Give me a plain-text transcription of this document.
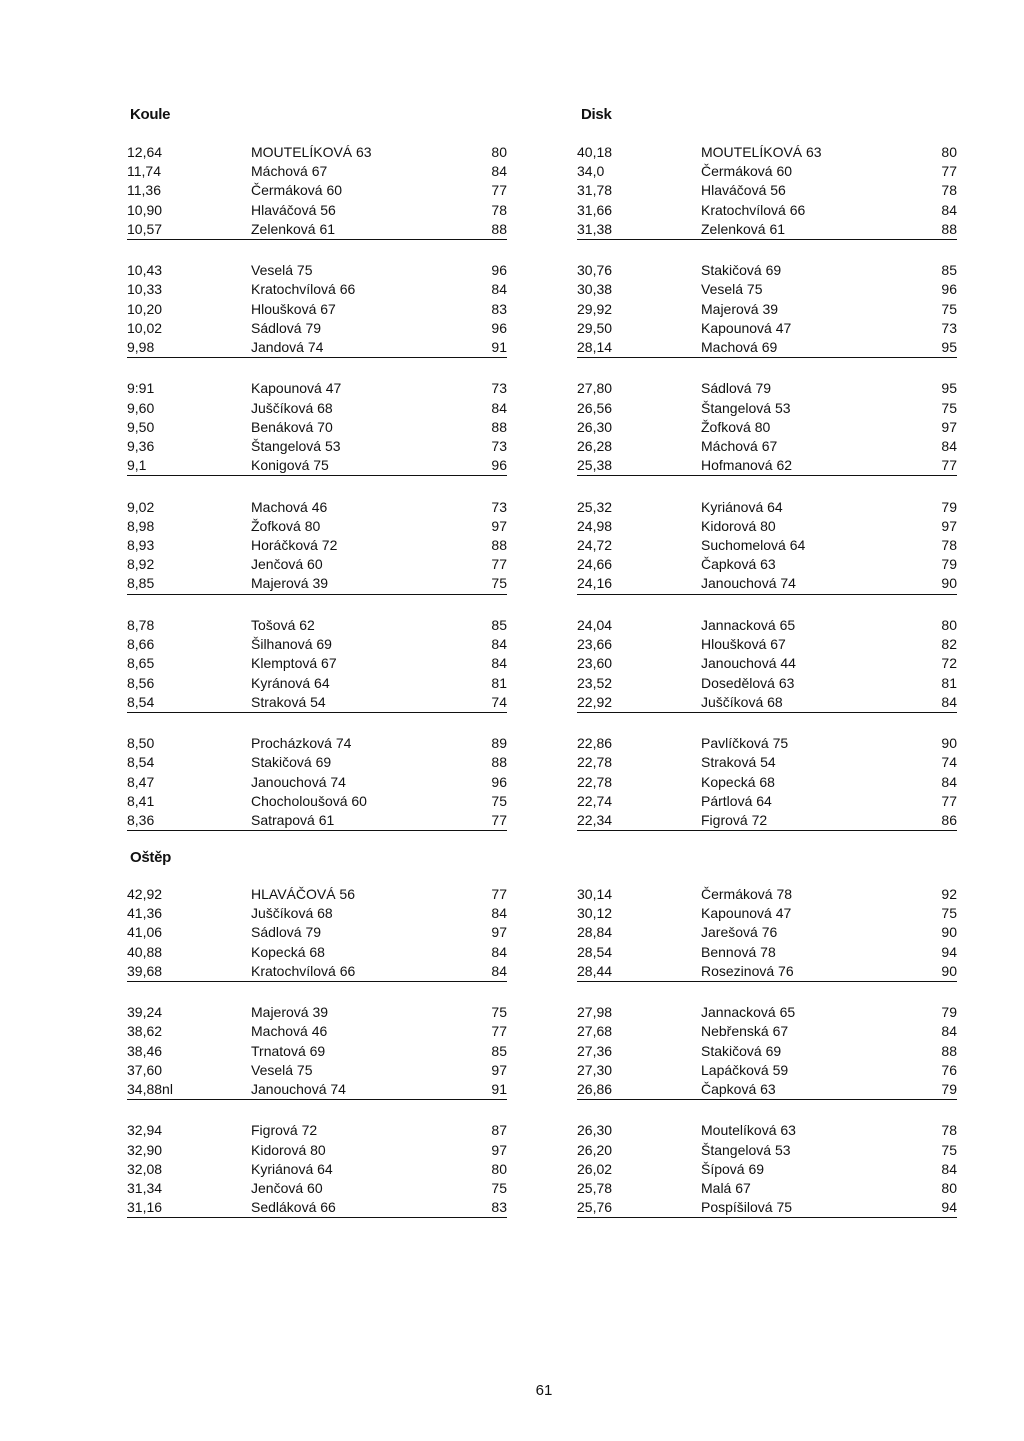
Koule	Disk
Oštěp
12,64	MOUTELÍKOVÁ 63	80
11,74	Máchová 67	84
11,36	Čermáková 60	77
10,90	Hlaváčová 56	78
10,57	Zelenková 61	88
10,43	Veselá 75	96
10,33	Kratochvílová 66	84
10,20	Hloušková 67	83
10,02	Sádlová 79	96
9,98	Jandová 74	91
9:91	Kapounová 47	73
9,60	Juščíková 68	84
9,50	Benáková 70	88
9,36	Štangelová 53	73
9,1	Konigová 75	96
9,02	Machová 46	73
8,98	Žofková 80	97
8,93	Horáčková 72	88
8,92	Jenčová 60	77
8,85	Majerová 39	75
8,78	Tošová 62	85
8,66	Šilhanová 69	84
8,65	Klemptová 67	84
8,56	Kyránová 64	81
8,54	Straková 54	74
8,50	Procházková 74	89
8,54	Stakičová 69	88
8,47	Janouchová 74	96
8,41	Chocholoušová 60	75
8,36	Satrapová 61	77
40,18	MOUTELÍKOVÁ 63	80
34,0	Čermáková 60	77
31,78	Hlaváčová 56	78
31,66	Kratochvílová 66	84
31,38	Zelenková 61	88
30,76	Stakičová 69	85
30,38	Veselá 75	96
29,92	Majerová 39	75
29,50	Kapounová 47	73
28,14	Machová 69	95
27,80	Sádlová 79	95
26,56	Štangelová 53	75
26,30	Žofková 80	97
26,28	Máchová 67	84
25,38	Hofmanová 62	77
25,32	Kyriánová 64	79
24,98	Kidorová 80	97
24,72	Suchomelová 64	78
24,66	Čapková 63	79
24,16	Janouchová 74	90
24,04	Jannacková 65	80
23,66	Hloušková 67	82
23,60	Janouchová 44	72
23,52	Dosedělová 63	81
22,92	Juščíková 68	84
22,86	Pavlíčková 75	90
22,78	Straková 54	74
22,78	Kopecká 68	84
22,74	Pártlová 64	77
22,34	Figrová 72	86
42,92	HLAVÁČOVÁ 56	77
41,36	Juščíková 68	84
41,06	Sádlová 79	97
40,88	Kopecká 68	84
39,68	Kratochvílová 66	84
39,24	Majerová 39	75
38,62	Machová 46	77
38,46	Trnatová 69	85
37,60	Veselá 75	97
34,88nl	Janouchová 74	91
32,94	Figrová 72	87
32,90	Kidorová 80	97
32,08	Kyriánová 64	80
31,34	Jenčová 60	75
31,16	Sedláková 66	83
30,14	Čermáková 78	92
30,12	Kapounová 47	75
28,84	Jarešová 76	90
28,54	Bennová 78	94
28,44	Rosezinová 76	90
27,98	Jannacková 65	79
27,68	Nebřenská 67	84
27,36	Stakičová 69	88
27,30	Lapáčková 59	76
26,86	Čapková 63	79
26,30	Moutelíková 63	78
26,20	Štangelová 53	75
26,02	Šípová 69	84
25,78	Malá 67	80
25,76	Pospíšilová 75	94
61
